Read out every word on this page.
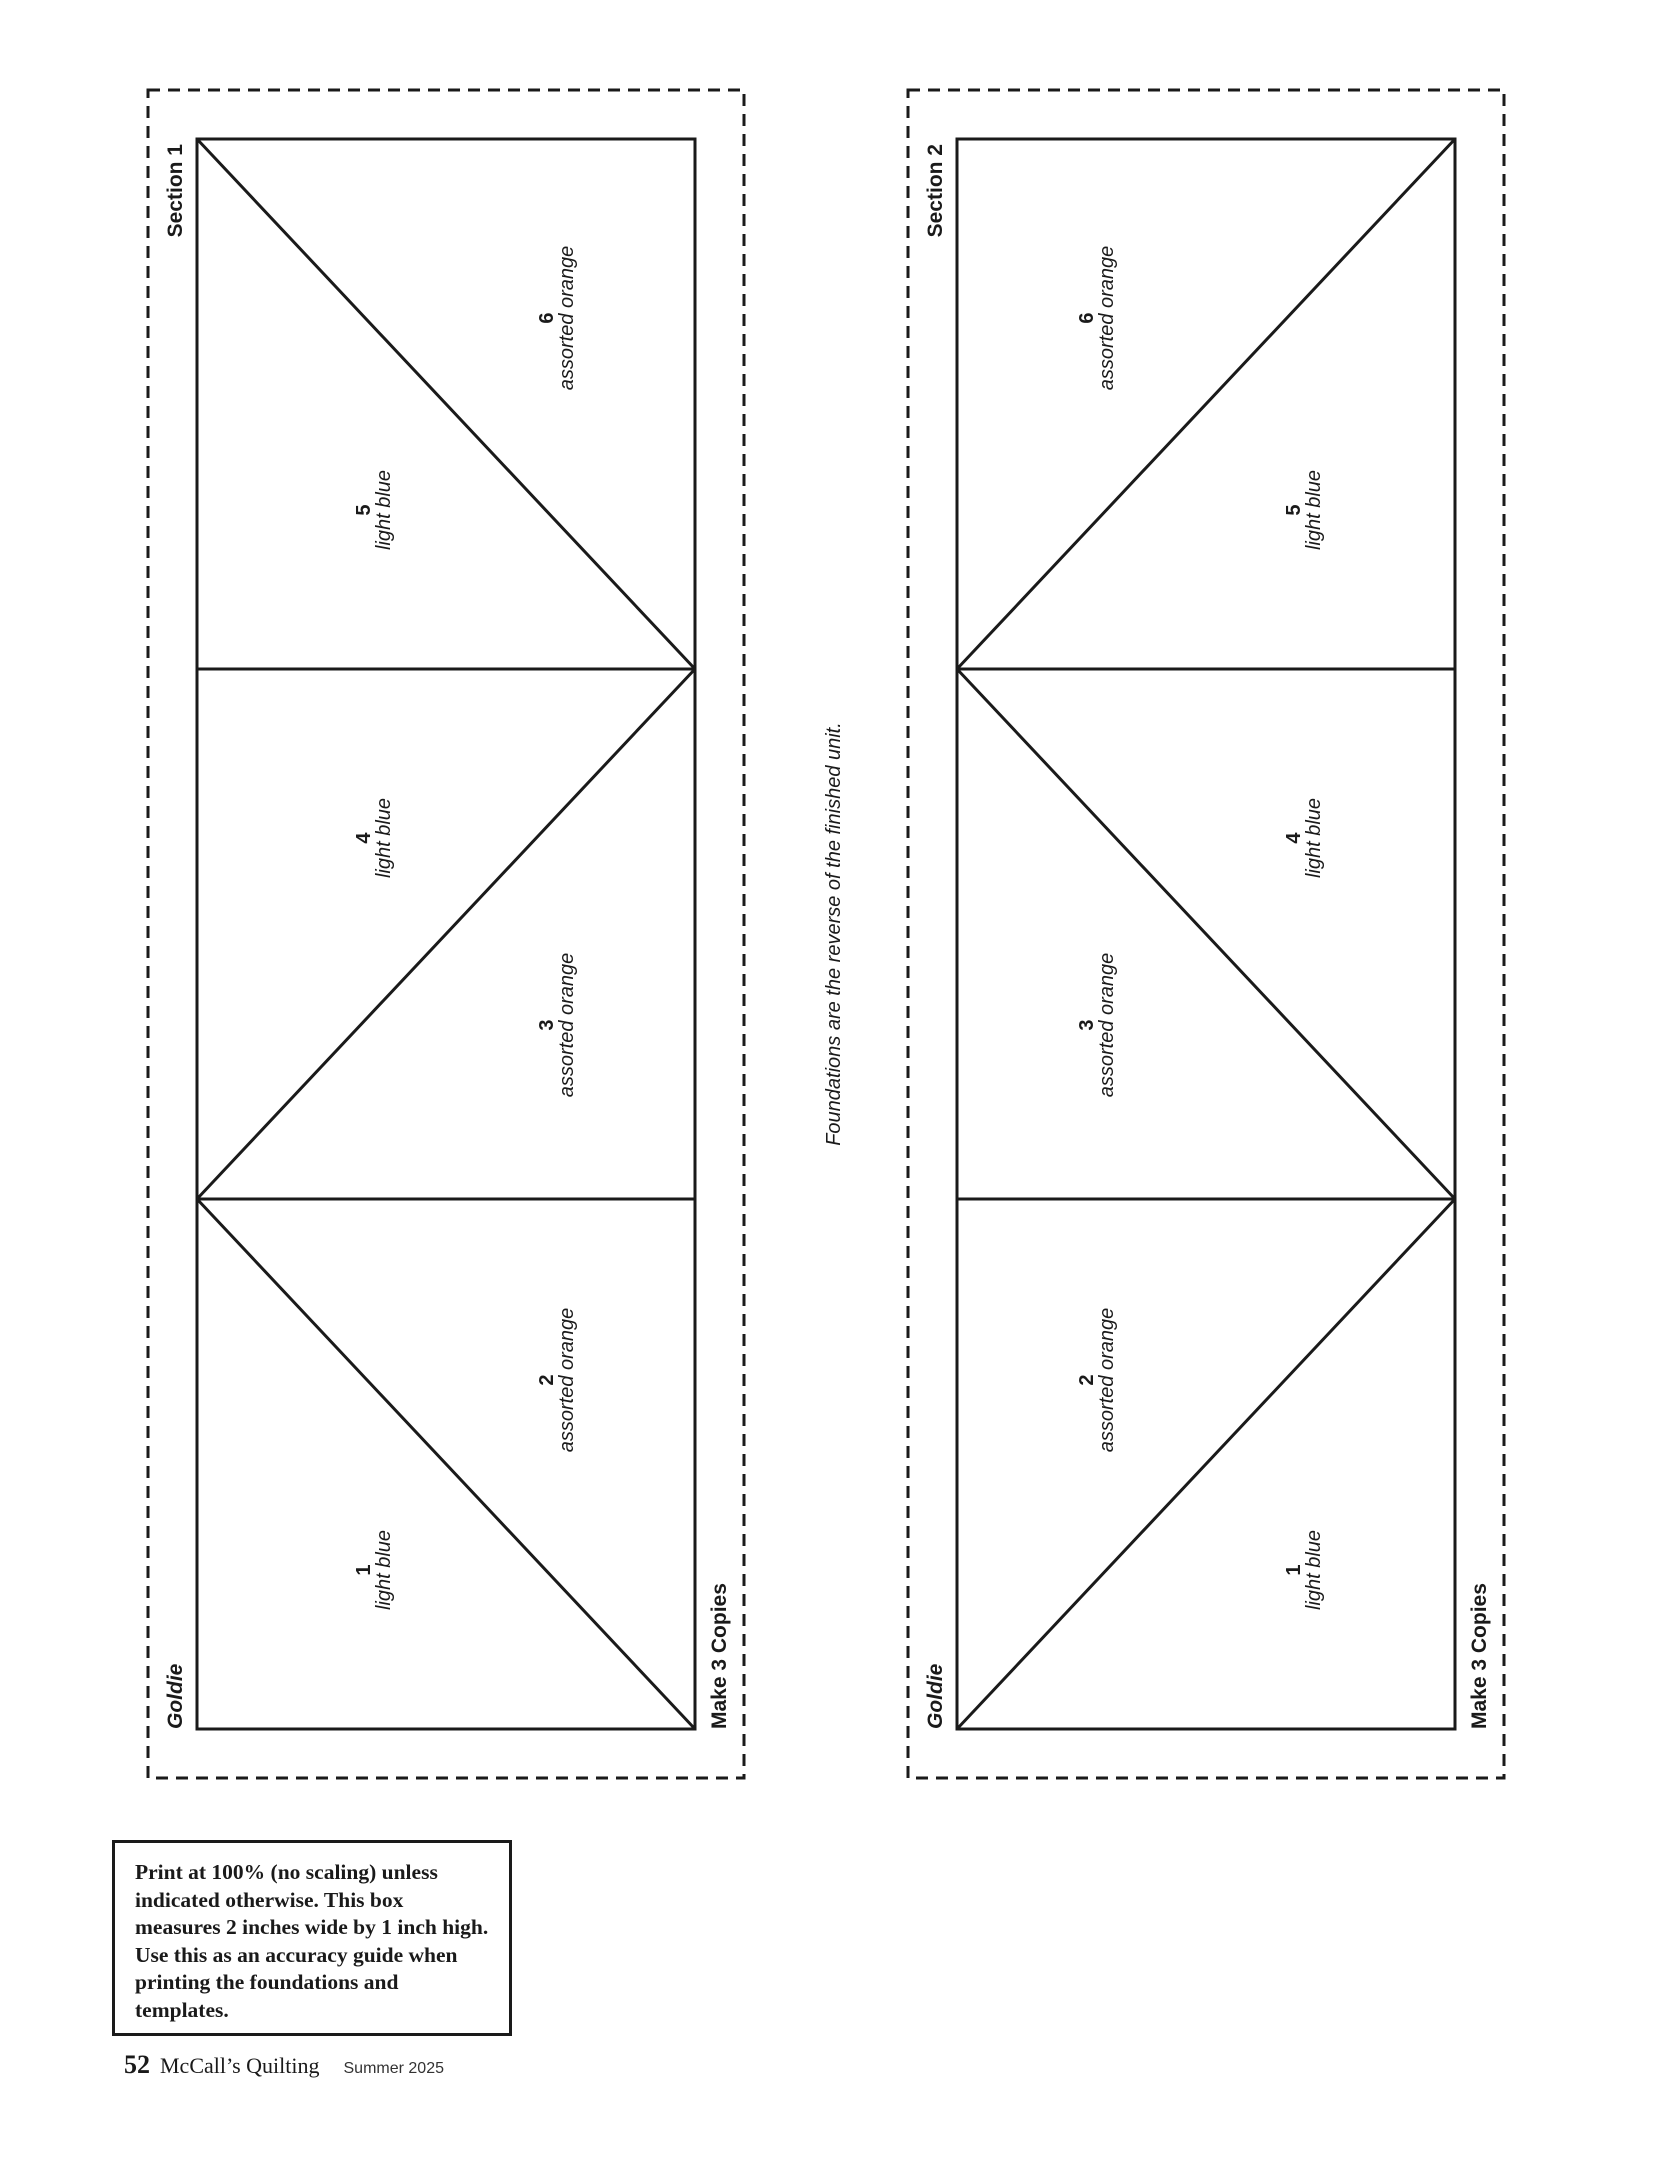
Section 1
Goldie	Make 3 Copies
1
light blue
2
assorted orange
3
assorted orange
4
light blue
5
light blue
6
assorted orange
Section 2
Goldie	Make 3 Copies
1
light blue
2
assorted orange
3
assorted orange
4
light blue
5
light blue
6
assorted orange
Foundations are the reverse of the finished unit.
Print at 100% (no scaling) unless indicated otherwise. This box measures 2 inches wide by 1 inch high. Use this as an accuracy guide when printing the foundations and templates.
52 McCall’s Quilting Summer 2025
